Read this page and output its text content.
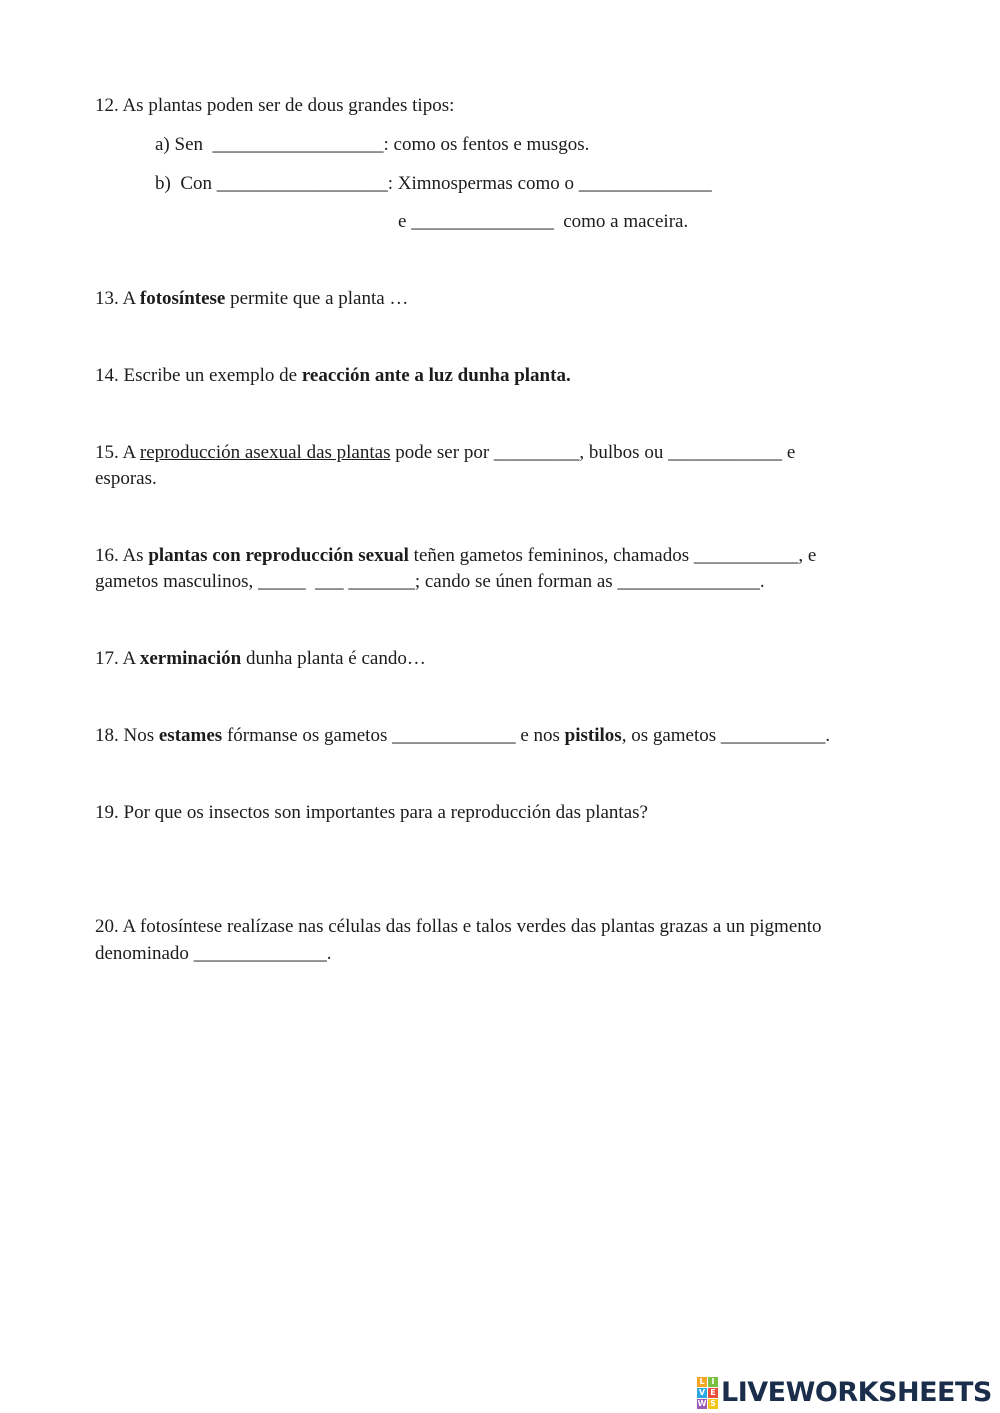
12. As plantas poden ser de dous grandes tipos:
a) Sen  __________________: como os fentos e musgos.
b)  Con __________________: Ximnospermas como o ______________
e _______________  como a maceira.
13. A fotosíntese permite que a planta …
14. Escribe un exemplo de reacción ante a luz dunha planta.
15. A reproducción asexual das plantas pode ser por _________, bulbos ou ____________ e
esporas.
16. As plantas con reproducción sexual teñen gametos femininos, chamados ___________, e
gametos masculinos, _____  ___ _______; cando se únen forman as _______________.
17. A xerminación dunha planta é cando…
18. Nos estames fórmanse os gametos _____________ e nos pistilos, os gametos ___________.
19. Por que os insectos son importantes para a reproducción das plantas?
20. A fotosíntese realízase nas células das follas e talos verdes das plantas grazas a un pigmento
denominado ______________.
L I
V E
W S LIVEWORKSHEETS
